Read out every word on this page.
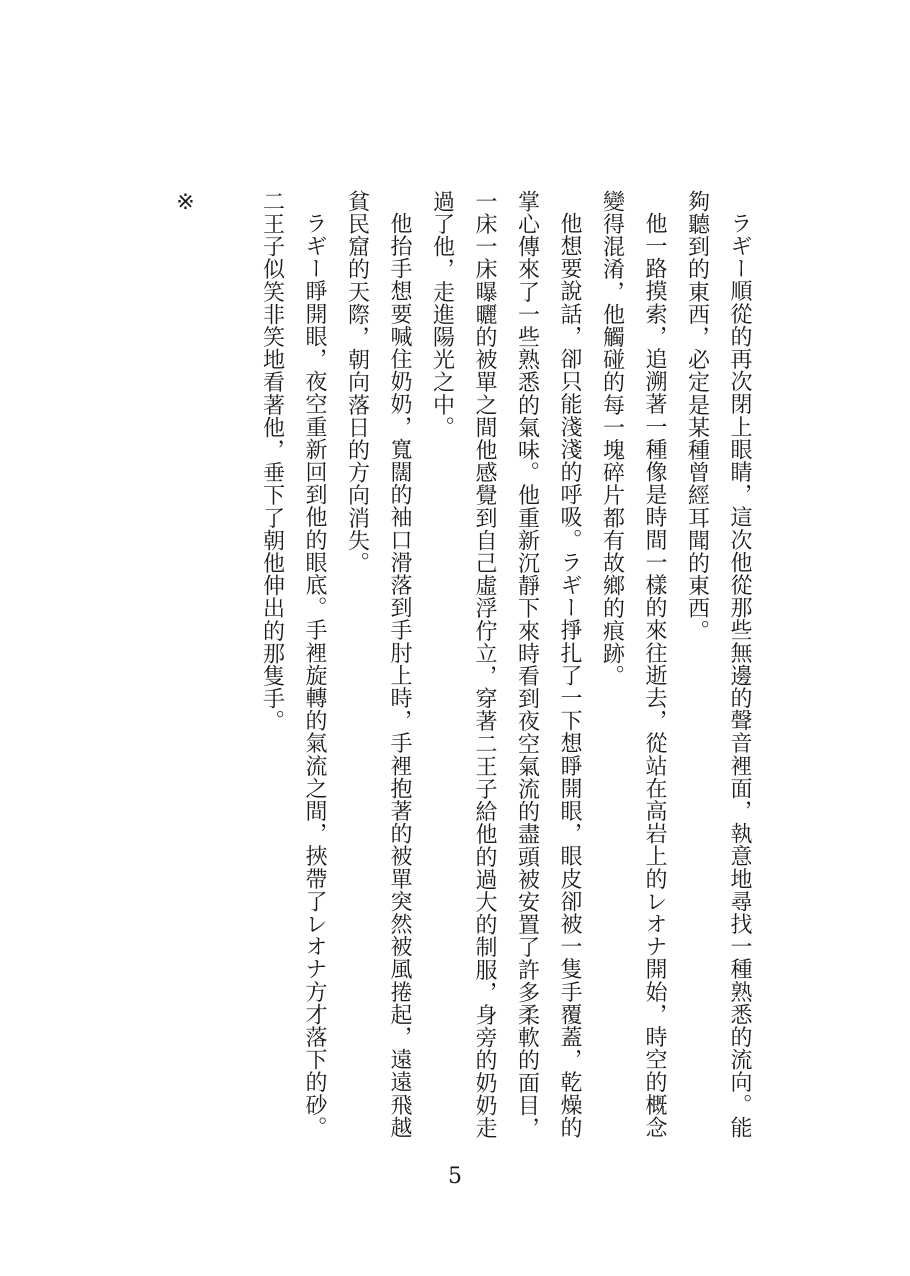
ラギー順從的再次閉上眼睛，這次他從那些無邊的聲音裡面，執意地尋找一種熟悉的流向。能夠聽到的東西，必定是某種曾經耳聞的東西。

他一路摸索，追溯著一種像是時間一樣的來往逝去，從站在高岩上的レオナ開始，時空的概念變得混淆，他觸碰的每一塊碎片都有故鄉的痕跡。

他想要說話，卻只能淺淺的呼吸。ラギー掙扎了一下想睜開眼，眼皮卻被一隻手覆蓋，乾燥的掌心傳來了一些熟悉的氣味。他重新沉靜下來時看到夜空氣流的盡頭被安置了許多柔軟的面目，一床一床曝曬的被單之間他感覺到自己虛浮佇立，穿著二王子給他的過大的制服，身旁的奶奶走過了他，走進陽光之中。

他抬手想要喊住奶奶，寬闊的袖口滑落到手肘上時，手裡抱著的被單突然被風捲起，遠遠飛越貧民窟的天際，朝向落日的方向消失。

ラギー睜開眼，夜空重新回到他的眼底。手裡旋轉的氣流之間，挾帶了レオナ方才落下的砂。二王子似笑非笑地看著他，垂下了朝他伸出的那隻手。

※

5
